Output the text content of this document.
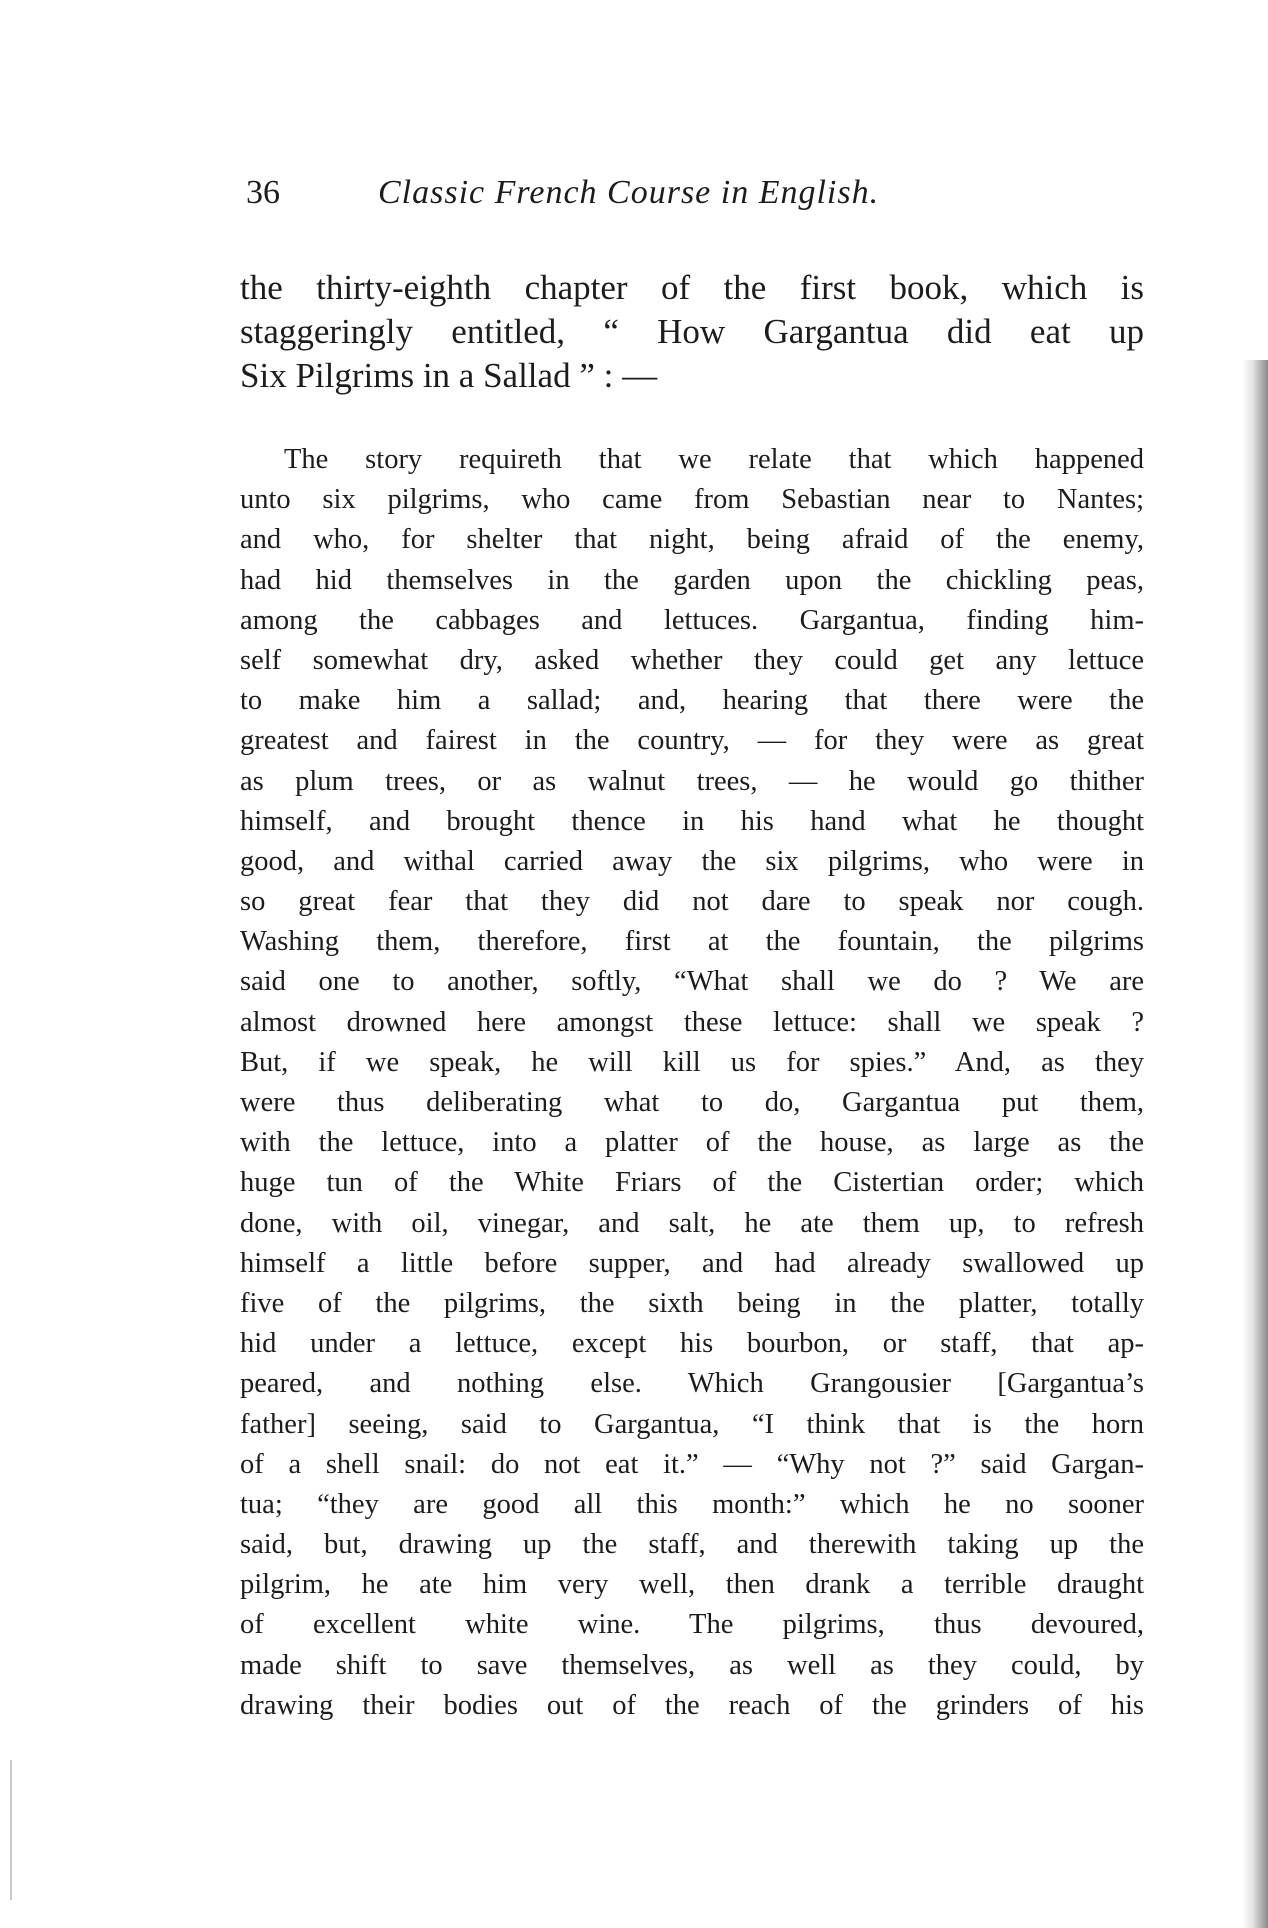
36	Classic French Course in English.
the thirty-eighth chapter of the first book, which is
staggeringly entitled, “ How Gargantua did eat up
Six Pilgrims in a Sallad ” : —
The story requireth that we relate that which happened
unto six pilgrims, who came from Sebastian near to Nantes;
and who, for shelter that night, being afraid of the enemy,
had hid themselves in the garden upon the chickling peas,
among the cabbages and lettuces. Gargantua, finding him-
self somewhat dry, asked whether they could get any lettuce
to make him a sallad; and, hearing that there were the
greatest and fairest in the country, — for they were as great
as plum trees, or as walnut trees, — he would go thither
himself, and brought thence in his hand what he thought
good, and withal carried away the six pilgrims, who were in
so great fear that they did not dare to speak nor cough.
Washing them, therefore, first at the fountain, the pilgrims
said one to another, softly, “What shall we do ? We are
almost drowned here amongst these lettuce: shall we speak ?
But, if we speak, he will kill us for spies.” And, as they
were thus deliberating what to do, Gargantua put them,
with the lettuce, into a platter of the house, as large as the
huge tun of the White Friars of the Cistertian order; which
done, with oil, vinegar, and salt, he ate them up, to refresh
himself a little before supper, and had already swallowed up
five of the pilgrims, the sixth being in the platter, totally
hid under a lettuce, except his bourbon, or staff, that ap-
peared, and nothing else. Which Grangousier [Gargantua’s
father] seeing, said to Gargantua, “I think that is the horn
of a shell snail: do not eat it.” — “Why not ?” said Gargan-
tua; “they are good all this month:” which he no sooner
said, but, drawing up the staff, and therewith taking up the
pilgrim, he ate him very well, then drank a terrible draught
of excellent white wine. The pilgrims, thus devoured,
made shift to save themselves, as well as they could, by
drawing their bodies out of the reach of the grinders of his
